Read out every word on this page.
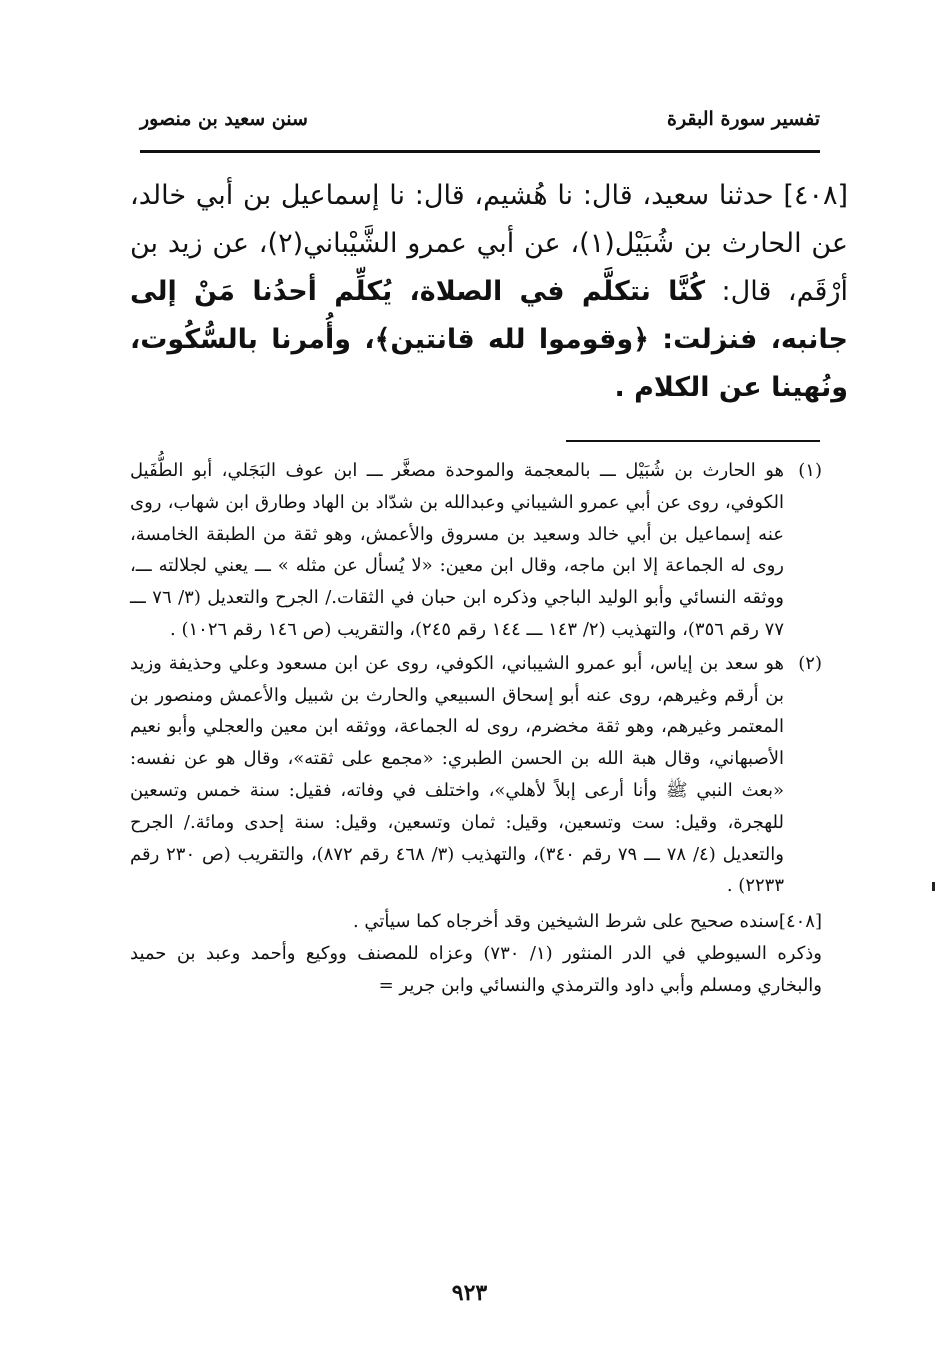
تفسير سورة البقرة
سنن سعيد بن منصور
[٤٠٨] حدثنا سعيد، قال: نا هُشيم، قال: نا إسماعيل بن أبي خالد، عن الحارث بن شُبَيْل(١)، عن أبي عمرو الشَّيْباني(٢)، عن زيد بن أرْقَم، قال: كُنَّا نتكلَّم في الصلاة، يُكلِّم أحدُنا مَنْ إلى جانبه، فنزلت: ﴿وقوموا لله قانتين﴾، وأُمرنا بالسُّكُوت، ونُهينا عن الكلام .
(١)
هو الحارث بن شُبَيْل ـــ بالمعجمة والموحدة مصغَّر ـــ ابن عوف البَجَلي، أبو الطُّفَيل الكوفي، روى عن أبي عمرو الشيباني وعبدالله بن شدّاد بن الهاد وطارق ابن شهاب، روى عنه إسماعيل بن أبي خالد وسعيد بن مسروق والأعمش، وهو ثقة من الطبقة الخامسة، روى له الجماعة إلا ابن ماجه، وقال ابن معين: «لا يُسأل عن مثله » ـــ يعني لجلالته ـــ، ووثقه النسائي وأبو الوليد الباجي وذكره ابن حبان في الثقات./ الجرح والتعديل (٣/ ٧٦ ـــ ٧٧ رقم ٣٥٦)، والتهذيب (٢/ ١٤٣ ـــ ١٤٤ رقم ٢٤٥)، والتقريب (ص ١٤٦ رقم ١٠٢٦) .
(٢)
هو سعد بن إياس، أبو عمرو الشيباني، الكوفي، روى عن ابن مسعود وعلي وحذيفة وزيد بن أرقم وغيرهم، روى عنه أبو إسحاق السبيعي والحارث بن شبيل والأعمش ومنصور بن المعتمر وغيرهم، وهو ثقة مخضرم، روى له الجماعة، ووثقه ابن معين والعجلي وأبو نعيم الأصبهاني، وقال هبة الله بن الحسن الطبري: «مجمع على ثقته»، وقال هو عن نفسه: «بعث النبي ﷺ وأنا أرعى إبلاً لأهلي»، واختلف في وفاته، فقيل: سنة خمس وتسعين للهجرة، وقيل: ست وتسعين، وقيل: ثمان وتسعين، وقيل: سنة إحدى ومائة./ الجرح والتعديل (٤/ ٧٨ ـــ ٧٩ رقم ٣٤٠)، والتهذيب (٣/ ٤٦٨ رقم ٨٧٢)، والتقريب (ص ٢٣٠ رقم ٢٢٣٣) .

[٤٠٨]سنده صحيح على شرط الشيخين وقد أخرجاه كما سيأتي .

وذكره السيوطي في الدر المنثور (١/ ٧٣٠) وعزاه للمصنف ووكيع وأحمد وعبد بن حميد والبخاري ومسلم وأبي داود والترمذي والنسائي وابن جرير =

٩٢٣
